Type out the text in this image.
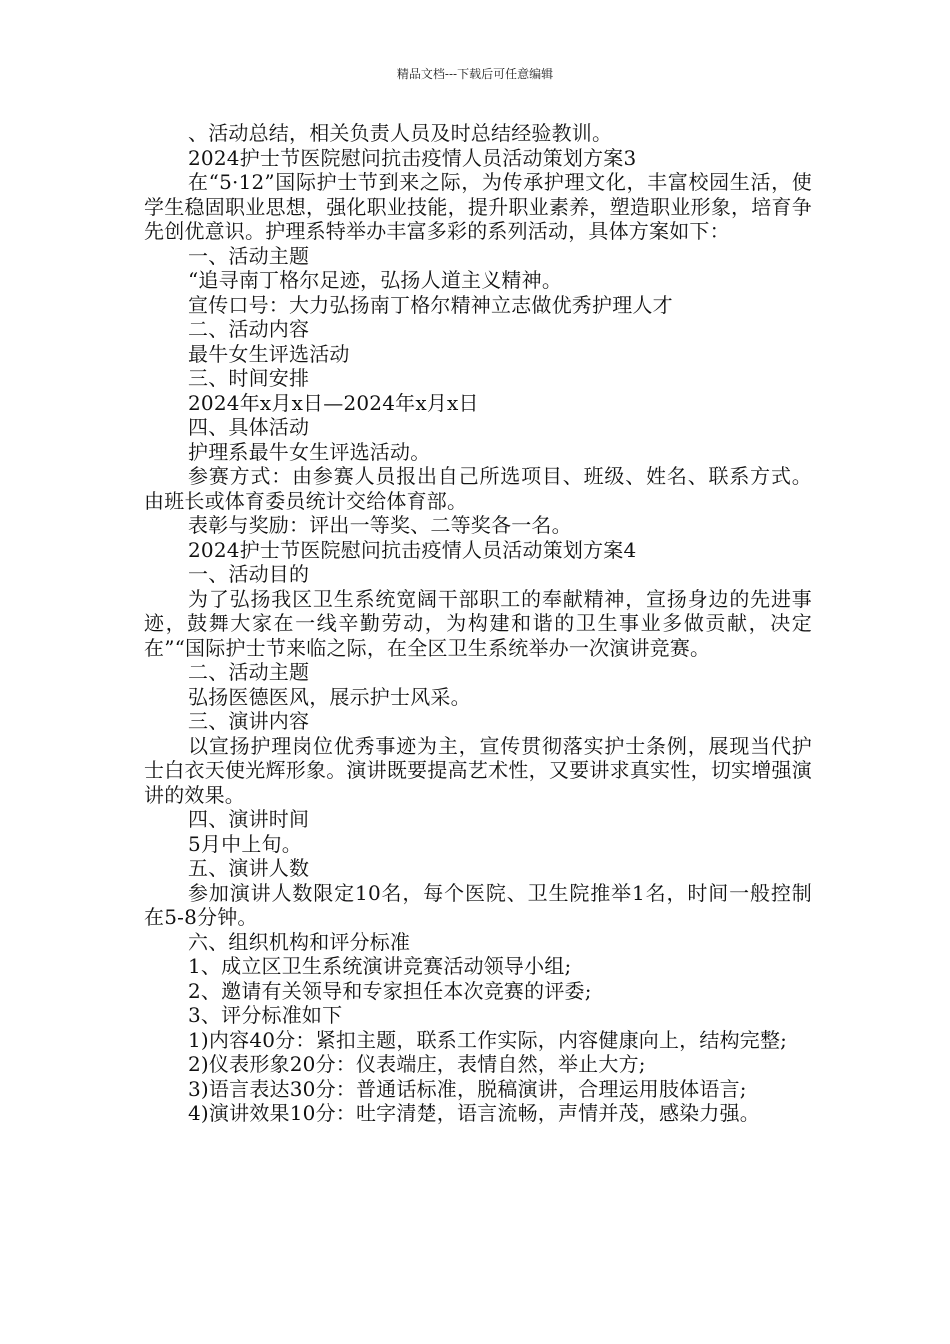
精品文档---下载后可任意编辑

、活动总结，相关负责人员及时总结经验教训。

2024护士节医院慰问抗击疫情人员活动策划方案3

在“5·12”国际护士节到来之际，为传承护理文化，丰富校园生活，使学生稳固职业思想，强化职业技能，提升职业素养，塑造职业形象，培育争先创优意识。护理系特举办丰富多彩的系列活动，具体方案如下：

一、活动主题

“追寻南丁格尔足迹，弘扬人道主义精神。

宣传口号：大力弘扬南丁格尔精神立志做优秀护理人才

二、活动内容

最牛女生评选活动

三、时间安排

2024年x月x日—2024年x月x日

四、具体活动

护理系最牛女生评选活动。

参赛方式：由参赛人员报出自己所选项目、班级、姓名、联系方式。由班长或体育委员统计交给体育部。

表彰与奖励：评出一等奖、二等奖各一名。

2024护士节医院慰问抗击疫情人员活动策划方案4

一、活动目的

为了弘扬我区卫生系统宽阔干部职工的奉献精神，宣扬身边的先进事迹，鼓舞大家在一线辛勤劳动，为构建和谐的卫生事业多做贡献，决定在”“国际护士节来临之际，在全区卫生系统举办一次演讲竞赛。

二、活动主题

弘扬医德医风，展示护士风采。

三、演讲内容

以宣扬护理岗位优秀事迹为主，宣传贯彻落实护士条例，展现当代护士白衣天使光辉形象。演讲既要提高艺术性，又要讲求真实性，切实增强演讲的效果。

四、演讲时间

5月中上旬。

五、演讲人数

参加演讲人数限定10名，每个医院、卫生院推举1名，时间一般控制在5-8分钟。

六、组织机构和评分标准

1、成立区卫生系统演讲竞赛活动领导小组;

2、邀请有关领导和专家担任本次竞赛的评委;

3、评分标准如下

1)内容40分：紧扣主题，联系工作实际，内容健康向上，结构完整;

2)仪表形象20分：仪表端庄，表情自然，举止大方;

3)语言表达30分：普通话标准，脱稿演讲，合理运用肢体语言;

4)演讲效果10分：吐字清楚，语言流畅，声情并茂，感染力强。
